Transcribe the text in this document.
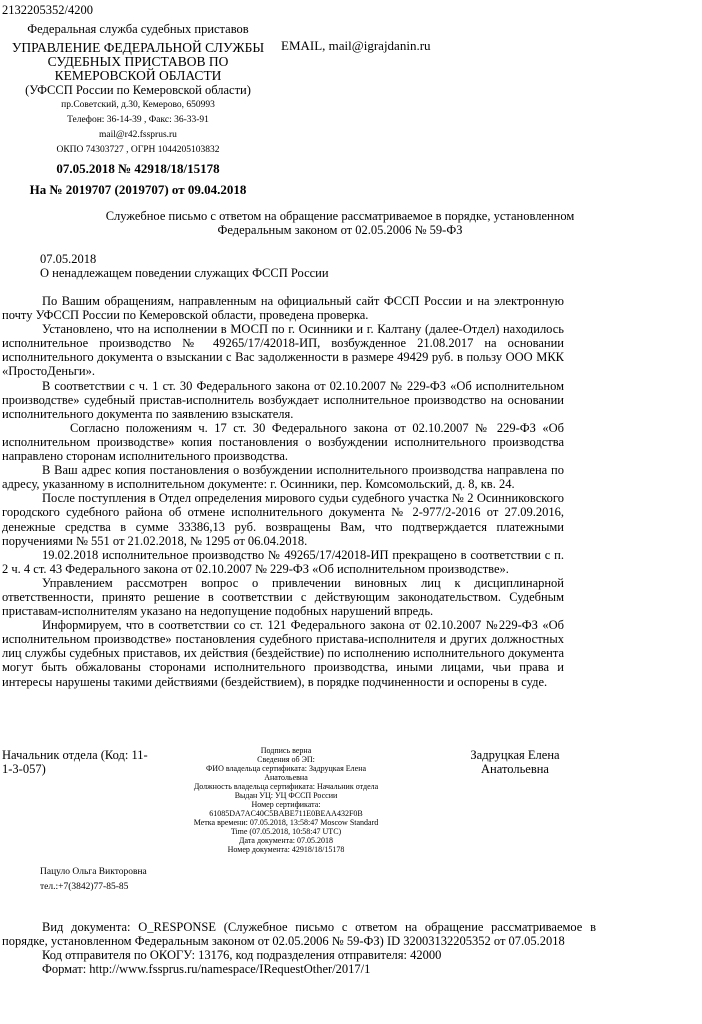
2132205352/4200
Федеральная служба судебных приставов
УПРАВЛЕНИЕ ФЕДЕРАЛЬНОЙ СЛУЖБЫ
СУДЕБНЫХ ПРИСТАВОВ ПО
КЕМЕРОВСКОЙ ОБЛАСТИ
(УФССП России по Кемеровской области)
пр.Советский, д.30, Кемерово, 650993
Телефон: 36-14-39 , Факс: 36-33-91
mail@r42.fssprus.ru
ОКПО 74303727 , ОГРН 1044205103832
07.05.2018 № 42918/18/15178
На № 2019707 (2019707) от 09.04.2018
EMAIL, mail@igrajdanin.ru
Служебное письмо с ответом на обращение рассматриваемое в порядке, установленном
Федеральным законом от 02.05.2006 № 59-ФЗ
07.05.2018
О ненадлежащем поведении служащих ФССП России

По Вашим обращениям, направленным на официальный сайт ФССП России и на электронную почту УФССП России по Кемеровской области, проведена проверка.

Установлено, что на исполнении в МОСП по г. Осинники и г. Калтану (далее-Отдел) находилось исполнительное производство № 49265/17/42018-ИП, возбужденное 21.08.2017 на основании исполнительного документа о взыскании с Вас задолженности в размере 49429 руб. в пользу ООО МКК «ПростоДеньги».

В соответствии с ч. 1 ст. 30 Федерального закона от 02.10.2007 № 229-ФЗ «Об исполнительном производстве» судебный пристав-исполнитель возбуждает исполнительное производство на основании исполнительного документа по заявлению взыскателя.

Согласно положениям ч. 17 ст. 30 Федерального закона от 02.10.2007 № 229-ФЗ «Об исполнительном производстве» копия постановления о возбуждении исполнительного производства направлено сторонам исполнительного производства.

В Ваш адрес копия постановления о возбуждении исполнительного производства направлена по адресу, указанному в исполнительном документе: г. Осинники, пер. Комсомольский, д. 8, кв. 24.

После поступления в Отдел определения мирового судьи судебного участка № 2 Осинниковского городского судебного района об отмене исполнительного документа № 2-977/2-2016 от 27.09.2016, денежные средства в сумме 33386,13 руб. возвращены Вам, что подтверждается платежными поручениями № 551 от 21.02.2018, № 1295 от 06.04.2018.

19.02.2018 исполнительное производство № 49265/17/42018-ИП прекращено в соответствии с п. 2 ч. 4 ст. 43 Федерального закона от 02.10.2007 № 229-ФЗ «Об исполнительном производстве».

Управлением рассмотрен вопрос о привлечении виновных лиц к дисциплинарной ответственности, принято решение в соответствии с действующим законодательством. Судебным приставам-исполнителям указано на недопущение подобных нарушений впредь.

Информируем, что в соответствии со ст. 121 Федерального закона от 02.10.2007 №229-ФЗ «Об исполнительном производстве» постановления судебного пристава-исполнителя и других должностных лиц службы судебных приставов, их действия (бездействие) по исполнению исполнительного документа могут быть обжалованы сторонами исполнительного производства, иными лицами, чьи права и интересы нарушены такими действиями (бездействием), в порядке подчиненности и оспорены в суде.

Начальник отдела (Код: 11-1-3-057)
Задруцкая Елена
Анатольевна
Подпись верна
Сведения об ЭП:
ФИО владельца сертификата: Задруцкая Елена
Анатольевна
Должность владельца сертификата: Начальник отдела
Выдан УЦ: УЦ ФССП России
Номер сертификата:
61085DA7AC40C5BABE711E0BEAA432F0B
Метка времени: 07.05.2018, 13:58:47 Moscow Standard
Time (07.05.2018, 10:58:47 UTC)
Дата документа: 07.05.2018
Номер документа: 42918/18/15178
Пацуло Ольга Викторовна
тел.:+7(3842)77-85-85

Вид документа: O_RESPONSE (Служебное письмо с ответом на обращение рассматриваемое в порядке, установленном Федеральным законом от 02.05.2006 № 59-ФЗ) ID 32003132205352 от 07.05.2018

Код отправителя по ОКОГУ: 13176, код подразделения отправителя: 42000

Формат: http://www.fssprus.ru/namespace/IRequestOther/2017/1
